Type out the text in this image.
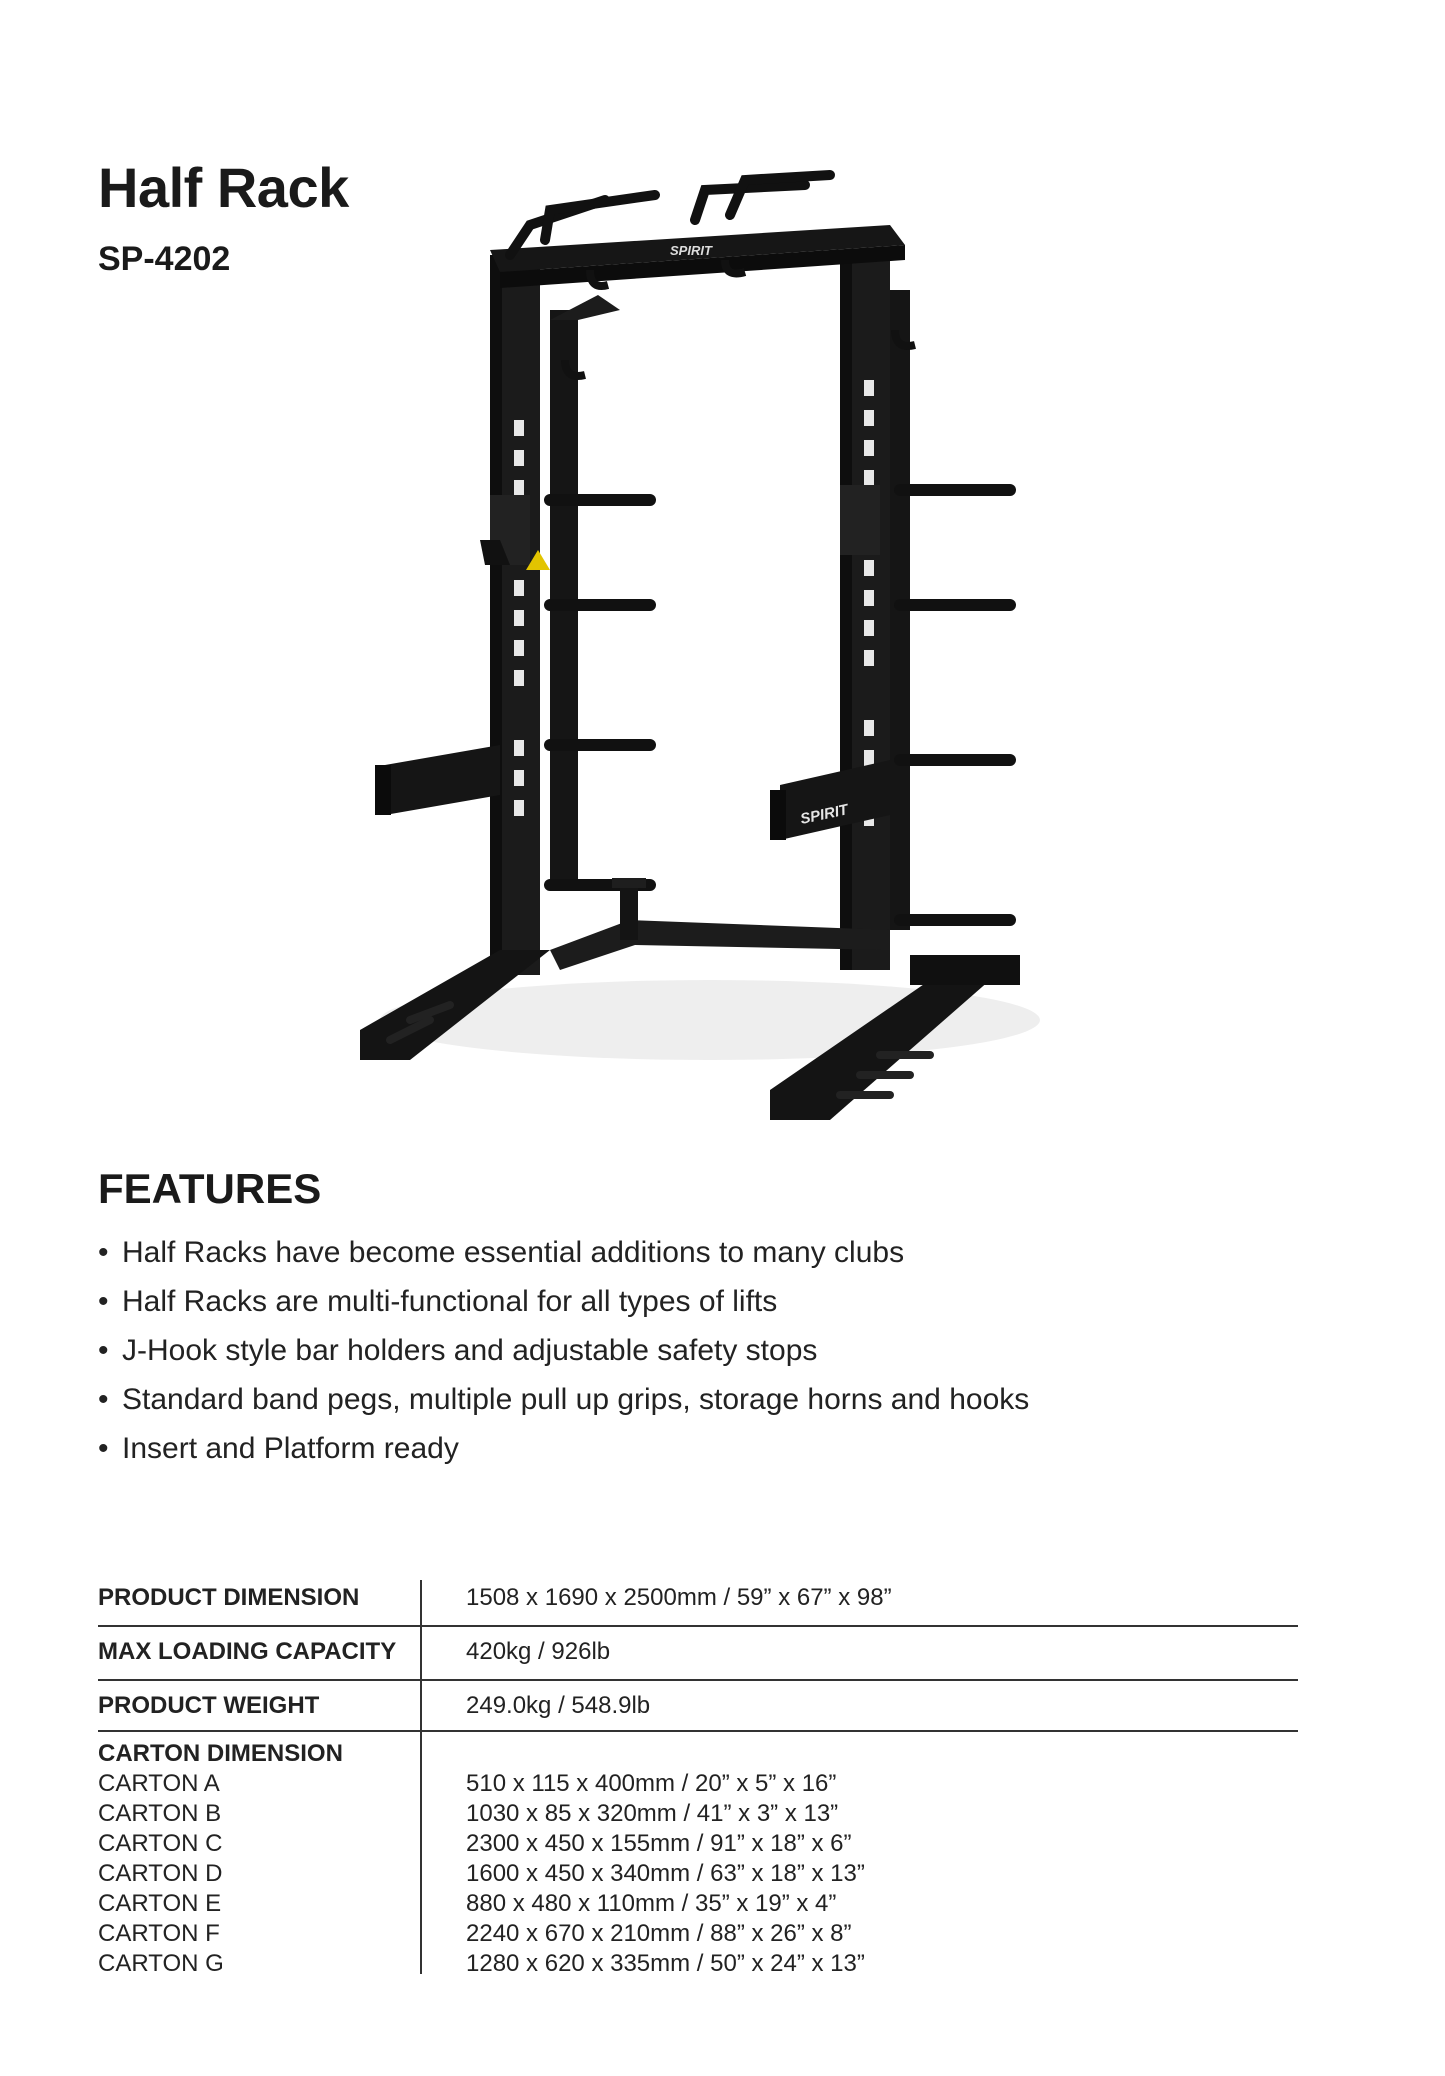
Half Rack
SP-4202	SPIRIT
SPIRIT
FEATURES
• Half Racks have become essential additions to many clubs
• Half Racks are multi-functional for all types of lifts
• J-Hook style bar holders and adjustable safety stops
• Standard band pegs, multiple pull up grips, storage horns and hooks
• Insert and Platform ready
PRODUCT DIMENSION	1508 x 1690 x 2500mm / 59” x 67” x 98”
MAX LOADING CAPACITY	420kg / 926lb
PRODUCT WEIGHT	249.0kg / 548.9lb
CARTON DIMENSION
CARTON A	510 x 115 x 400mm / 20” x 5” x 16”
CARTON B	1030 x 85 x 320mm / 41” x 3” x 13”
CARTON C	2300 x 450 x 155mm / 91” x 18” x 6”
CARTON D	1600 x 450 x 340mm / 63” x 18” x 13”
CARTON E	880 x 480 x 110mm / 35” x 19” x 4”
CARTON F	2240 x 670 x 210mm / 88” x 26” x 8”
CARTON G	1280 x 620 x 335mm / 50” x 24” x 13”
